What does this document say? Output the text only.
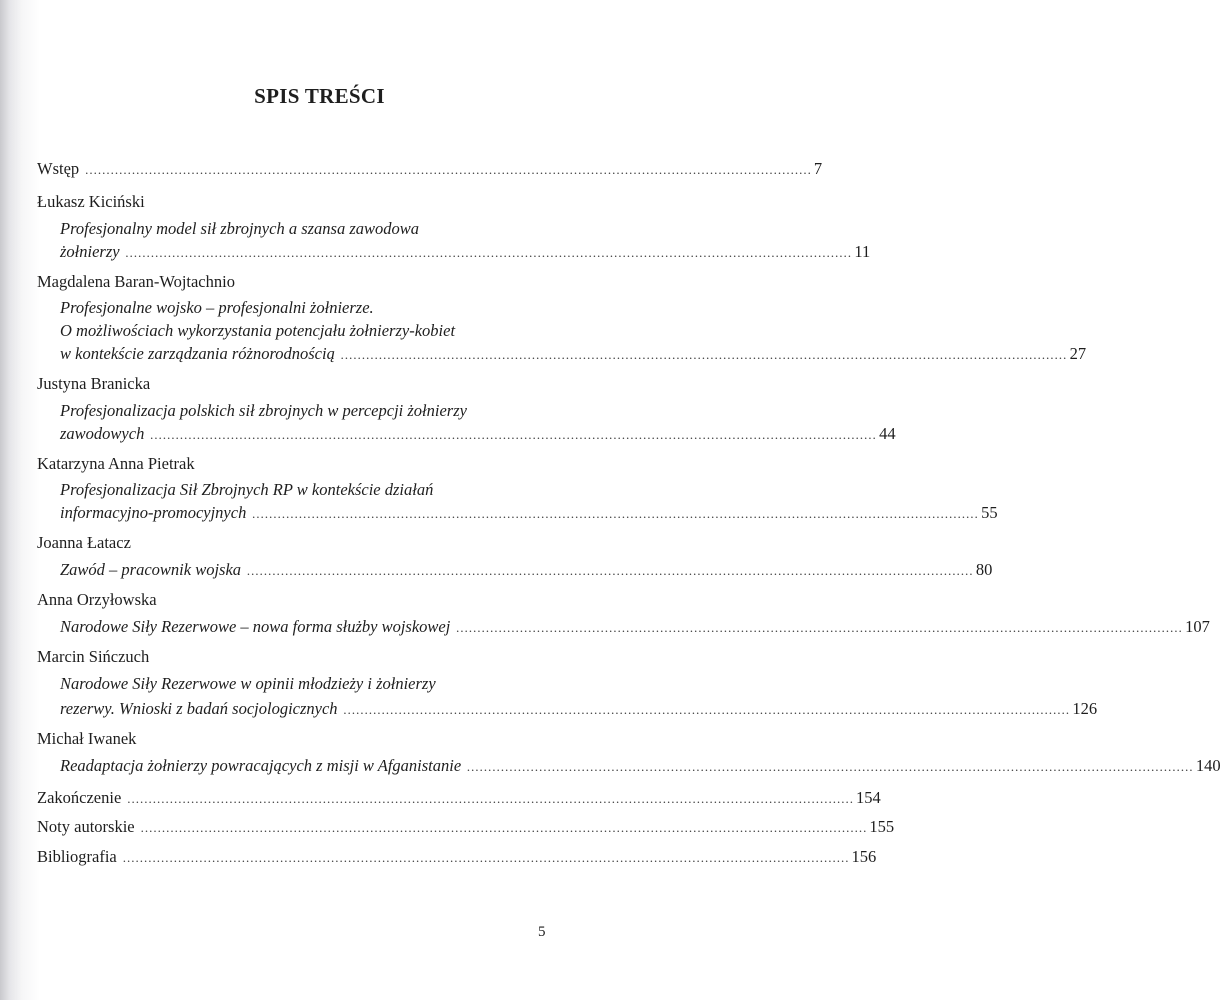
SPIS TREŚCI
Wstęp ........................................................................................................................................................................... 7
Łukasz Kiciński
Profesjonalny model sił zbrojnych a szansa zawodowa
żołnierzy ........................................................................................................................................................................... 11
Magdalena Baran-Wojtachnio
Profesjonalne wojsko – profesjonalni żołnierze.
O możliwościach wykorzystania potencjału żołnierzy-kobiet
w kontekście zarządzania różnorodnością ........................................................................................................................................................................... 27
Justyna Branicka
Profesjonalizacja polskich sił zbrojnych w percepcji żołnierzy
zawodowych ........................................................................................................................................................................... 44
Katarzyna Anna Pietrak
Profesjonalizacja Sił Zbrojnych RP w kontekście działań
informacyjno-promocyjnych ........................................................................................................................................................................... 55
Joanna Łatacz
Zawód – pracownik wojska ........................................................................................................................................................................... 80
Anna Orzyłowska
Narodowe Siły Rezerwowe – nowa forma służby wojskowej ........................................................................................................................................................................... 107
Marcin Sińczuch
Narodowe Siły Rezerwowe w opinii młodzieży i żołnierzy
rezerwy. Wnioski z badań socjologicznych ........................................................................................................................................................................... 126
Michał Iwanek
Readaptacja żołnierzy powracających z misji w Afganistanie ........................................................................................................................................................................... 140
Zakończenie ........................................................................................................................................................................... 154
Noty autorskie ........................................................................................................................................................................... 155
Bibliografia ........................................................................................................................................................................... 156
5
